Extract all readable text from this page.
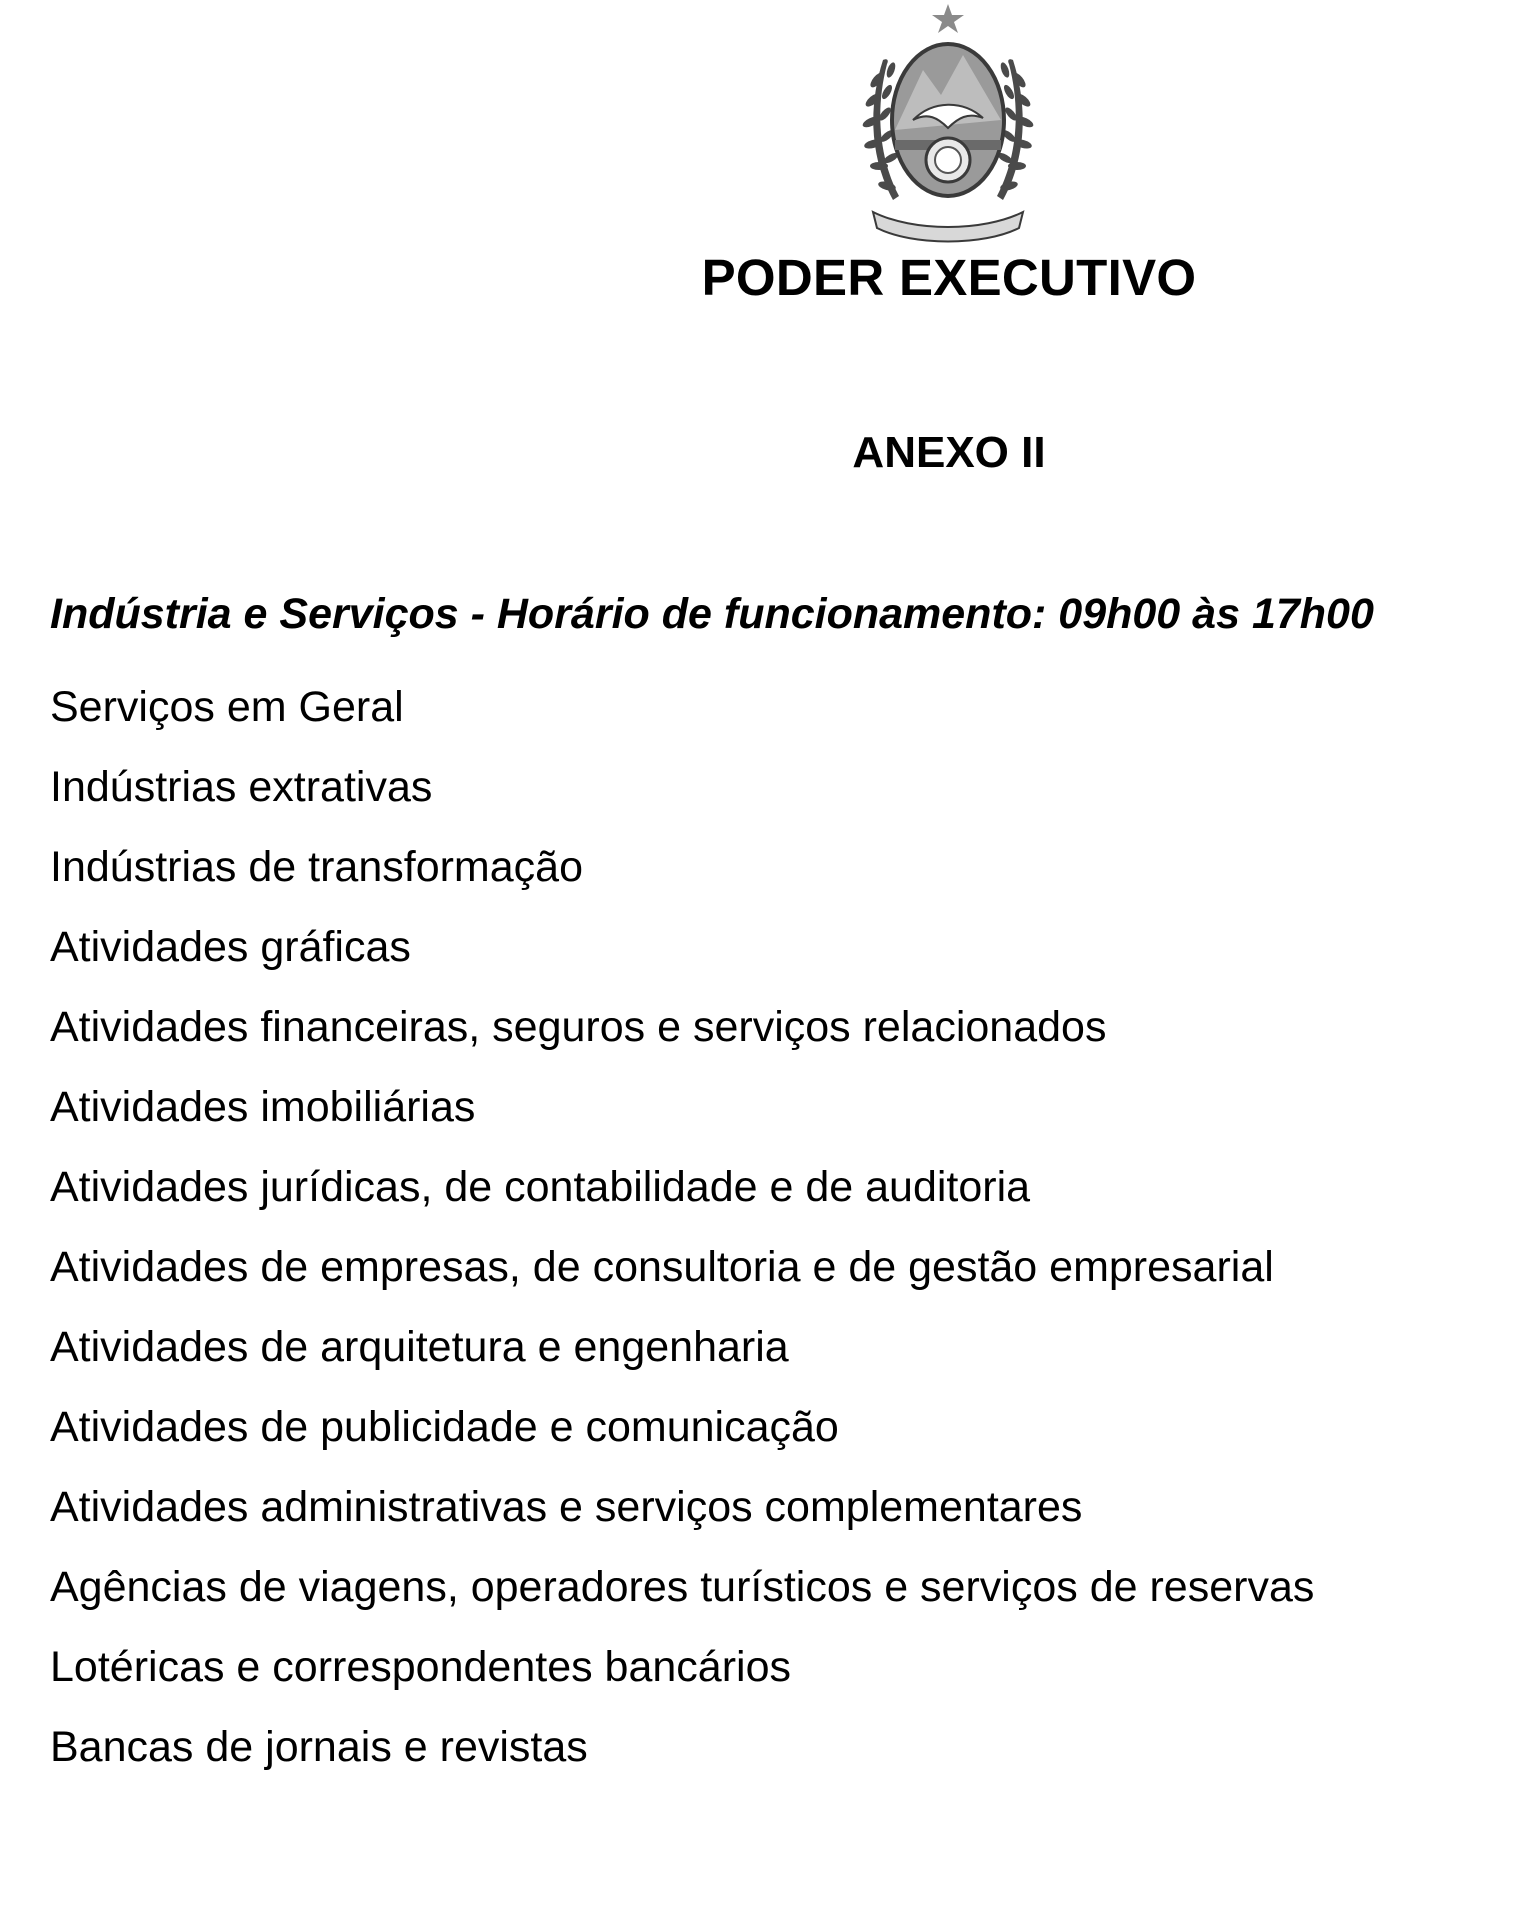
PODER EXECUTIVO
ANEXO II
Indústria e Serviços - Horário de funcionamento: 09h00 às 17h00
Serviços em Geral
Indústrias extrativas
Indústrias de transformação
Atividades gráficas
Atividades financeiras, seguros e serviços relacionados
Atividades imobiliárias
Atividades jurídicas, de contabilidade e de auditoria
Atividades de empresas, de consultoria e de gestão empresarial
Atividades de arquitetura e engenharia
Atividades de publicidade e comunicação
Atividades administrativas e serviços complementares
Agências de viagens, operadores turísticos e serviços de reservas
Lotéricas e correspondentes bancários
Bancas de jornais e revistas
